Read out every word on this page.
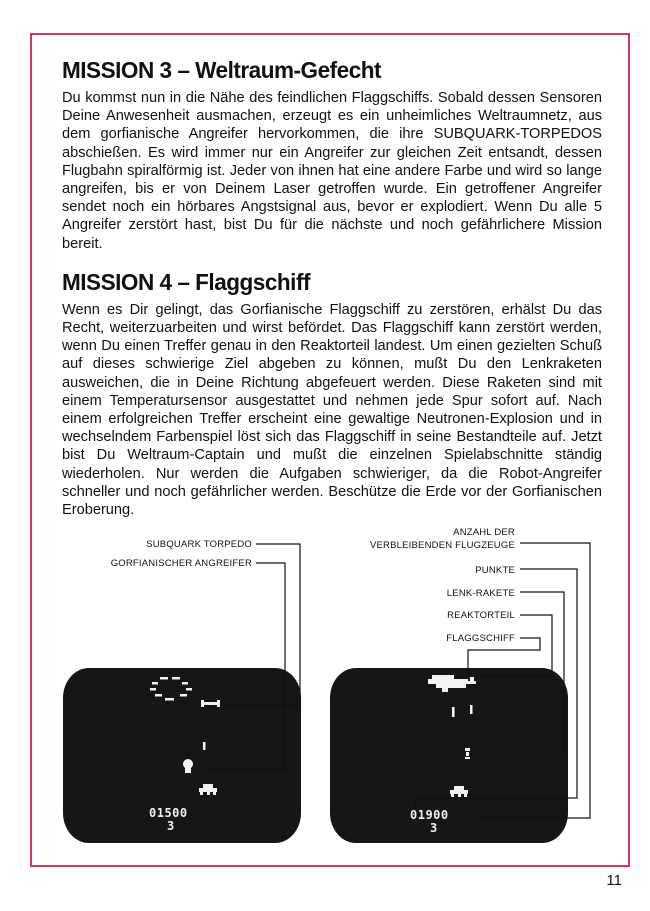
MISSION 3 – Weltraum-Gefecht

Du kommst nun in die Nähe des feindlichen Flaggschiffs. Sobald dessen Sensoren Deine Anwesenheit ausmachen, erzeugt es ein unheimliches Weltraumnetz, aus dem gorfianische Angreifer hervorkommen, die ihre SUBQUARK-TORPEDOS abschießen. Es wird immer nur ein Angreifer zur gleichen Zeit entsandt, dessen Flugbahn spiralförmig ist. Jeder von ihnen hat eine andere Farbe und wird so lange angreifen, bis er von Deinem Laser getroffen wurde. Ein getroffener Angreifer sendet noch ein hörbares Angstsignal aus, bevor er explodiert. Wenn Du alle 5 Angreifer zerstört hast, bist Du für die nächste und noch gefährlichere Mission bereit.

MISSION 4 – Flaggschiff

Wenn es Dir gelingt, das Gorfianische Flaggschiff zu zerstören, erhälst Du das Recht, weiterzuarbeiten und wirst befördet. Das Flaggschiff kann zerstört werden, wenn Du einen Treffer genau in den Reaktorteil landest. Um einen gezielten Schuß auf dieses schwierige Ziel abgeben zu können, mußt Du den Lenkraketen ausweichen, die in Deine Richtung abgefeuert werden. Diese Raketen sind mit einem Temperatursensor ausgestattet und nehmen jede Spur sofort auf. Nach einem erfolgreichen Treffer erscheint eine gewaltige Neutronen-Explosion und in wechselndem Farbenspiel löst sich das Flaggschiff in seine Bestandteile auf. Jetzt bist Du Weltraum-Captain und mußt die einzelnen Spielabschnitte ständig wiederholen. Nur werden die Aufgaben schwieriger, da die Robot-Angreifer schneller und noch gefährlicher werden. Beschütze die Erde vor der Gorfianischen Eroberung.

01500
3
SUBQUARK TORPEDO
GORFIANISCHER ANGREIFER
01900
3
ANZAHL DER
VERBLEIBENDEN FLUGZEUGE
PUNKTE
LENK-RAKETE
REAKTORTEIL
FLAGGSCHIFF
11
